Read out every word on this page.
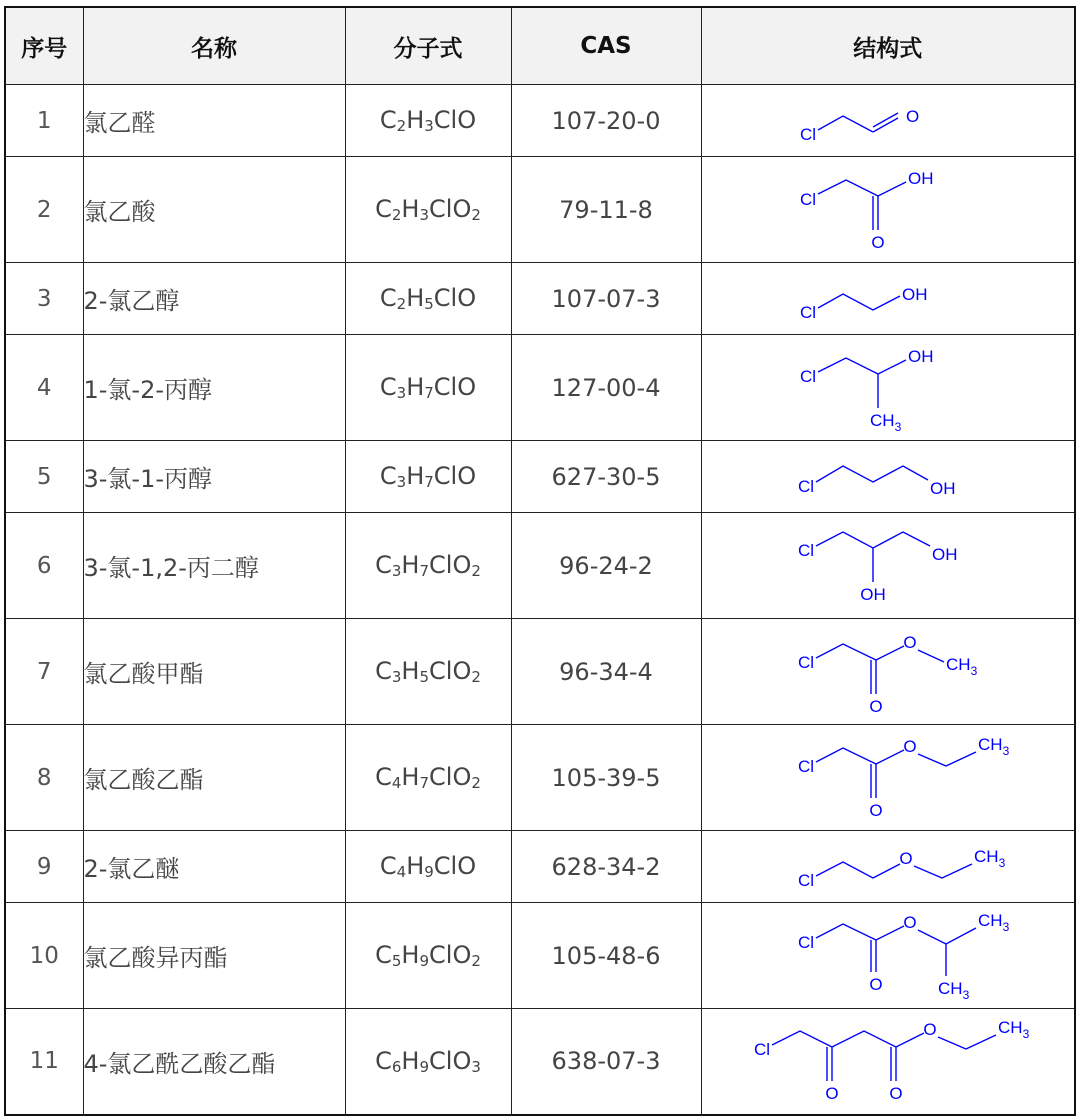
序号	名称	分子式	CAS	结构式
1	氯乙醛	$C_2H_3ClO$	107-20-0	Cl
O

2	氯乙酸	$C_2H_3ClO_2$	79-11-8	Cl
OH
O

3	2-氯乙醇	$C_2H_5ClO$	107-07-3	Cl
OH

4	1-氯-2-丙醇	$C_3H_7ClO$	127-00-4	Cl
OH
$CH_3$

5	3-氯-1-丙醇	$C_3H_7ClO$	627-30-5	Cl OH

6	3-氯-1,2-丙二醇	$C_3H_7ClO_2$	96-24-2	Cl OH
OH

7	氯乙酸甲酯	$C_3H_5ClO_2$	96-34-4	Cl
O
$CH_3$
O

8	氯乙酸乙酯	$C_4H_7ClO_2$	105-39-5	Cl
O $CH_3$
O

9	2-氯乙醚	$C_4H_9ClO$	628-34-2	Cl
O $CH_3$

10	氯乙酸异丙酯	$C_5H_9ClO_2$	105-48-6	Cl
O $CH_3$
$CH_3$
O

11	4-氯乙酰乙酸乙酯	$C_6H_9ClO_3$	638-07-3	Cl
O $CH_3$
O O
